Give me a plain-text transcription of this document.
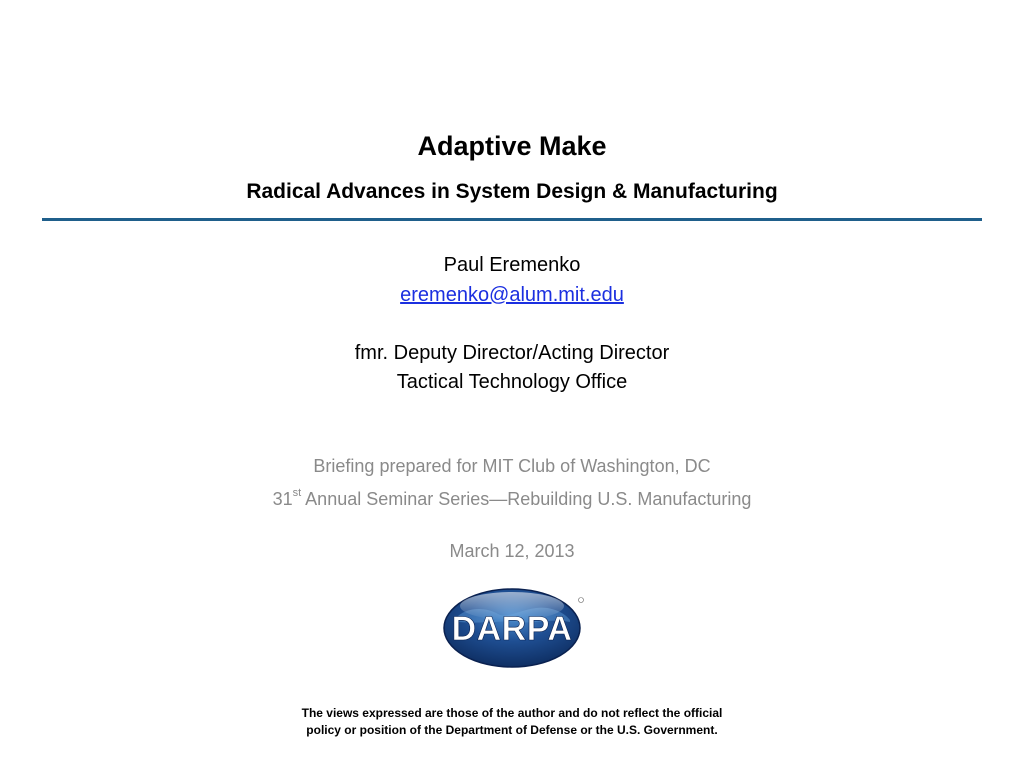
Adaptive Make
Radical Advances in System Design & Manufacturing
Paul Eremenko
eremenko@alum.mit.edu
fmr. Deputy Director/Acting Director
Tactical Technology Office
Briefing prepared for MIT Club of Washington, DC
31st Annual Seminar Series—Rebuilding U.S. Manufacturing
March 12, 2013
DARPA
The views expressed are those of the author and do not reflect the official
policy or position of the Department of Defense or the U.S. Government.
